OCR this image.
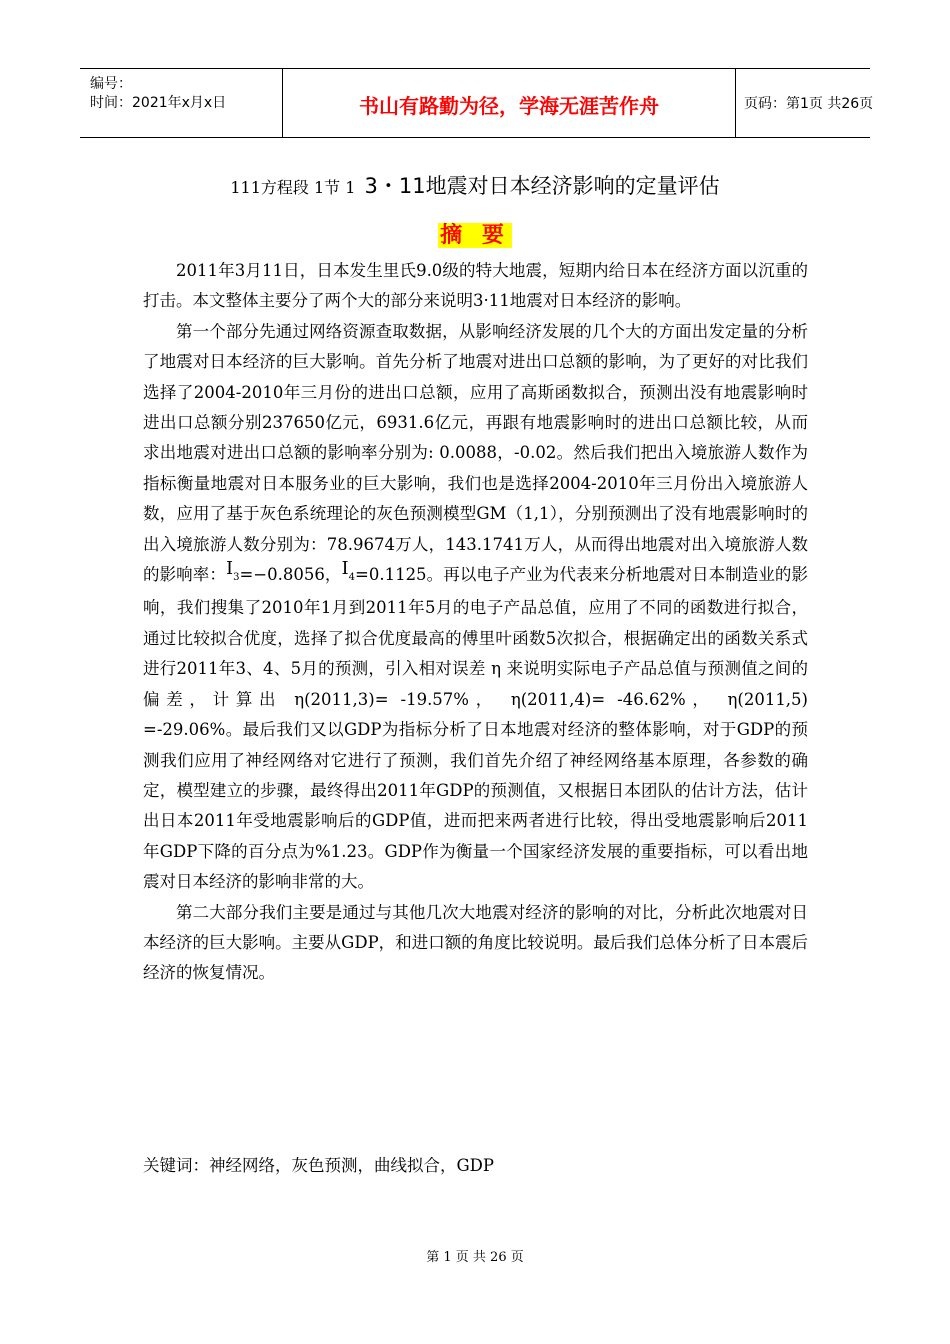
编号：
时间：2021年x月x日	书山有路勤为径，学海无涯苦作舟	页码：第1页 共26页
111方程段 1节 1 3・11地震对日本经济影响的定量评估
摘 要

2011年3月11日，日本发生里氏9.0级的特大地震，短期内给日本在经济方面以沉重的打击。本文整体主要分了两个大的部分来说明3·11地震对日本经济的影响。

第一个部分先通过网络资源查取数据，从影响经济发展的几个大的方面出发定量的分析了地震对日本经济的巨大影响。首先分析了地震对进出口总额的影响，为了更好的对比我们选择了2004-2010年三月份的进出口总额，应用了高斯函数拟合，预测出没有地震影响时进出口总额分别237650亿元，6931.6亿元，再跟有地震影响时的进出口总额比较，从而求出地震对进出口总额的影响率分别为: 0.0088，-0.02。然后我们把出入境旅游人数作为指标衡量地震对日本服务业的巨大影响，我们也是选择2004-2010年三月份出入境旅游人数，应用了基于灰色系统理论的灰色预测模型GM（1,1），分别预测出了没有地震影响时的出入境旅游人数分别为：78.9674万人，143.1741万人，从而得出地震对出入境旅游人数的影响率：I3=−0.8056，I4=0.1125。再以电子产业为代表来分析地震对日本制造业的影响，我们搜集了2010年1月到2011年5月的电子产品总值，应用了不同的函数进行拟合，通过比较拟合优度，选择了拟合优度最高的傅里叶函数5次拟合，根据确定出的函数关系式进行2011年3、4、5月的预测，引入相对误差 η 来说明实际电子产品总值与预测值之间的偏差，计算出 η(2011,3)= -19.57%， η(2011,4)= -46.62%， η(2011,5) =-29.06%。最后我们又以GDP为指标分析了日本地震对经济的整体影响，对于GDP的预测我们应用了神经网络对它进行了预测，我们首先介绍了神经网络基本原理，各参数的确定，模型建立的步骤，最终得出2011年GDP的预测值，又根据日本团队的估计方法，估计出日本2011年受地震影响后的GDP值，进而把来两者进行比较，得出受地震影响后2011年GDP下降的百分点为%1.23。GDP作为衡量一个国家经济发展的重要指标，可以看出地震对日本经济的影响非常的大。

第二大部分我们主要是通过与其他几次大地震对经济的影响的对比，分析此次地震对日本经济的巨大影响。主要从GDP，和进口额的角度比较说明。最后我们总体分析了日本震后经济的恢复情况。

关键词：神经网络，灰色预测，曲线拟合，GDP
第 1 页 共 26 页
